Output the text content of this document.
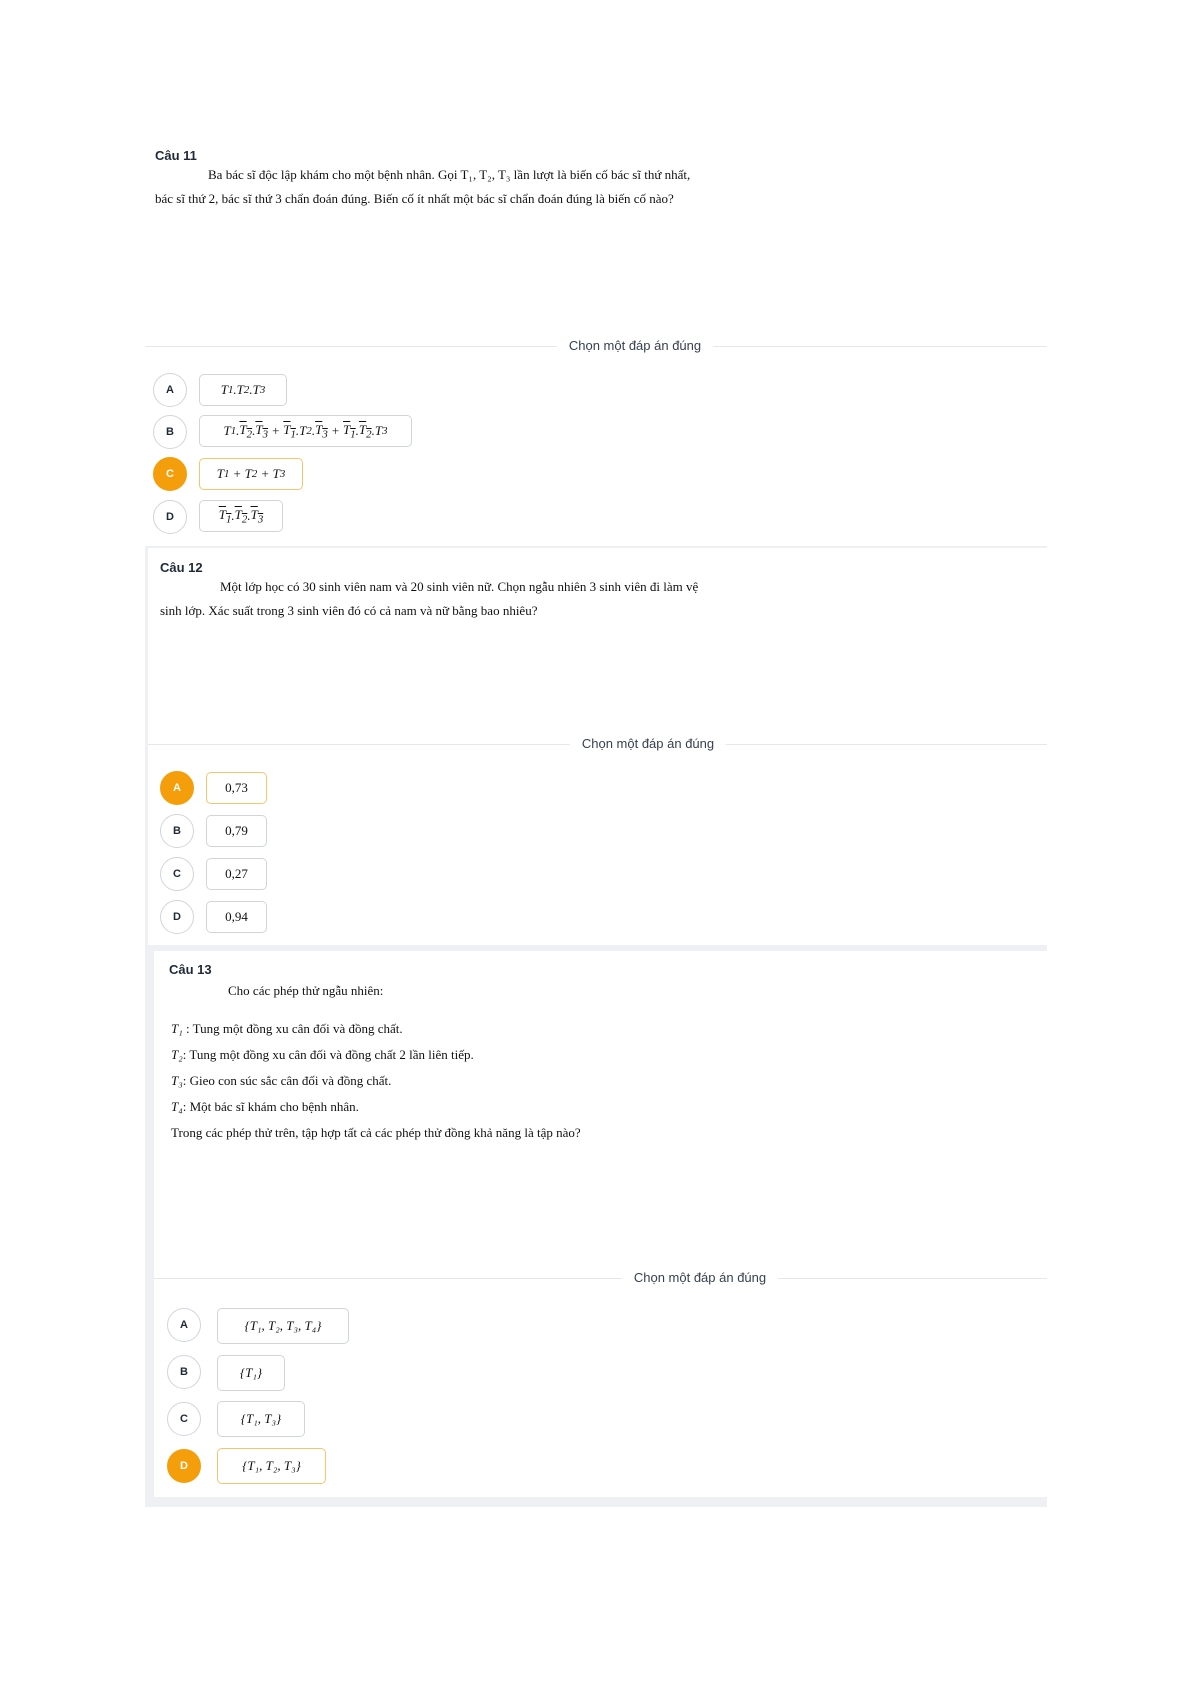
Câu 11
Ba bác sĩ độc lập khám cho một bệnh nhân. Gọi T₁, T₂, T₃ lần lượt là biến cố bác sĩ thứ nhất,
bác sĩ thứ 2, bác sĩ thứ 3 chẩn đoán đúng. Biến cố ít nhất một bác sĩ chẩn đoán đúng là biến cố nào?
Chọn một đáp án đúng
A	T 1 .T 2 .T 3
B	T 1 . $T_2$ . $T_3 + T_1$ .T 2 . $T_3 + T_1$ . $T_2$ .T 3
C	T 1 + T 2 + T 3
D	$T_1$ . $T_2$ . $T_3$
Câu 12
Một lớp học có 30 sinh viên nam và 20 sinh viên nữ. Chọn ngẫu nhiên 3 sinh viên đi làm vệ
sinh lớp. Xác suất trong 3 sinh viên đó có cả nam và nữ bằng bao nhiêu?
Chọn một đáp án đúng
A	0,73
B	0,79
C	0,27
D	0,94
Câu 13
Cho các phép thử ngẫu nhiên:
T₁ : Tung một đồng xu cân đối và đồng chất.
T₂: Tung một đồng xu cân đối và đồng chất 2 lần liên tiếp.
T₃: Gieo con súc sắc cân đối và đồng chất.
T₄: Một bác sĩ khám cho bệnh nhân.
Trong các phép thử trên, tập hợp tất cả các phép thử đồng khả năng là tập nào?
Chọn một đáp án đúng
A	{T₁, T₂, T₃, T₄}
B	{T₁}
C	{T₁, T₃}
D	{T₁, T₂, T₃}
